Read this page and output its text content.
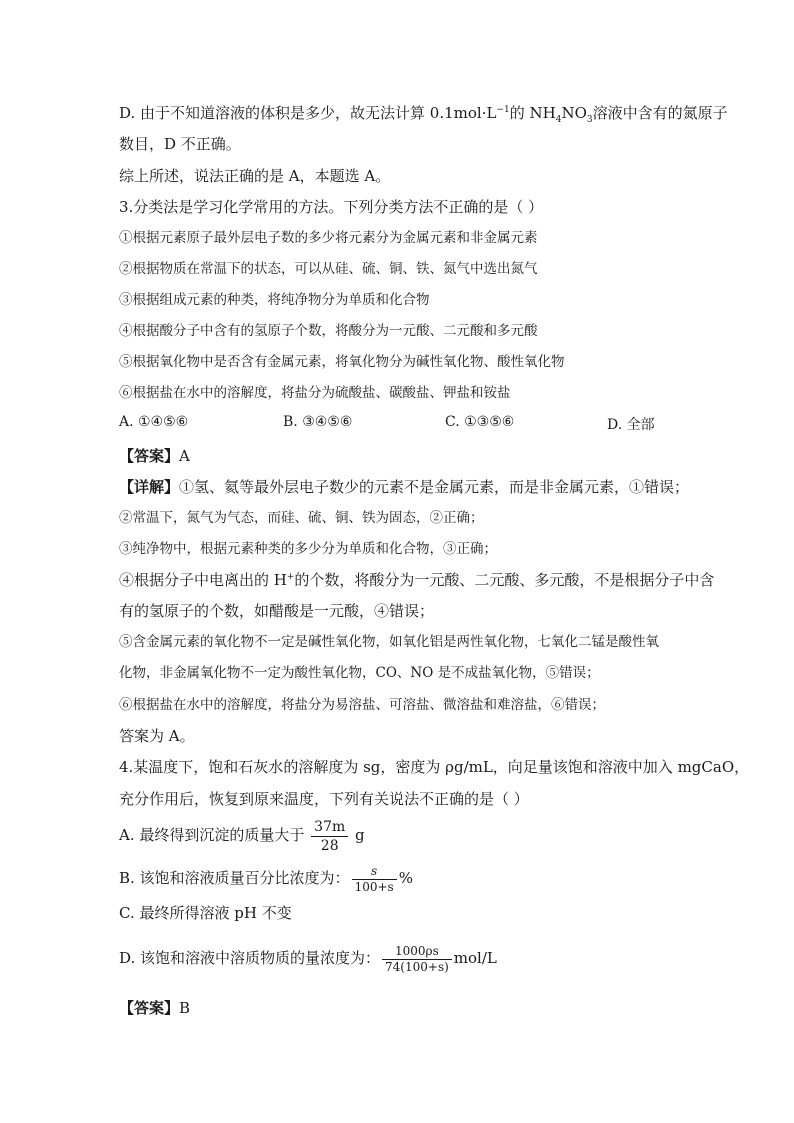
D. 由于不知道溶液的体积是多少，故无法计算 $0.1mol\cdot L^{-1}$的 $NH_4NO_3$溶液中含有的氮原子
数目，D 不正确。
综上所述，说法正确的是 A，本题选 A。
3.分类法是学习化学常用的方法。下列分类方法不正确的是（ ）
①根据元素原子最外层电子数的多少将元素分为金属元素和非金属元素
②根据物质在常温下的状态，可以从硅、硫、铜、铁、氮气中选出氮气
③根据组成元素的种类，将纯净物分为单质和化合物
④根据酸分子中含有的氢原子个数，将酸分为一元酸、二元酸和多元酸
⑤根据氧化物中是否含有金属元素，将氧化物分为碱性氧化物、酸性氧化物
⑥根据盐在水中的溶解度，将盐分为硫酸盐、碳酸盐、钾盐和铵盐
A. ①④⑤⑥	B. ③④⑤⑥	C. ①③⑤⑥	D. 全部
【答案】A
【详解】①氢、氦等最外层电子数少的元素不是金属元素，而是非金属元素，①错误；
②常温下，氮气为气态，而硅、硫、铜、铁为固态，②正确；
③纯净物中，根据元素种类的多少分为单质和化合物，③正确；
④根据分子中电离出的 H+的个数，将酸分为一元酸、二元酸、多元酸，不是根据分子中含
有的氢原子的个数，如醋酸是一元酸，④错误；
⑤含金属元素的氧化物不一定是碱性氧化物，如氧化铝是两性氧化物，七氧化二锰是酸性氧
化物，非金属氧化物不一定为酸性氧化物，CO、NO 是不成盐氧化物，⑤错误；
⑥根据盐在水中的溶解度，将盐分为易溶盐、可溶盐、微溶盐和难溶盐，⑥错误；
答案为 A。
4.某温度下，饱和石灰水的溶解度为 sg，密度为 ρg/mL，向足量该饱和溶液中加入 mgCaO，
充分作用后，恢复到原来温度，下列有关说法不正确的是（ ）
A. 最终得到沉淀的质量大于 $\frac{37m}{28}$ g
B. 该饱和溶液质量百分比浓度为： $\frac{s}{100+s}$ %
C. 最终所得溶液 pH 不变
D. 该饱和溶液中溶质物质的量浓度为： $\frac{1000\rho s}{74(100+s)} mol/L$
【答案】B
